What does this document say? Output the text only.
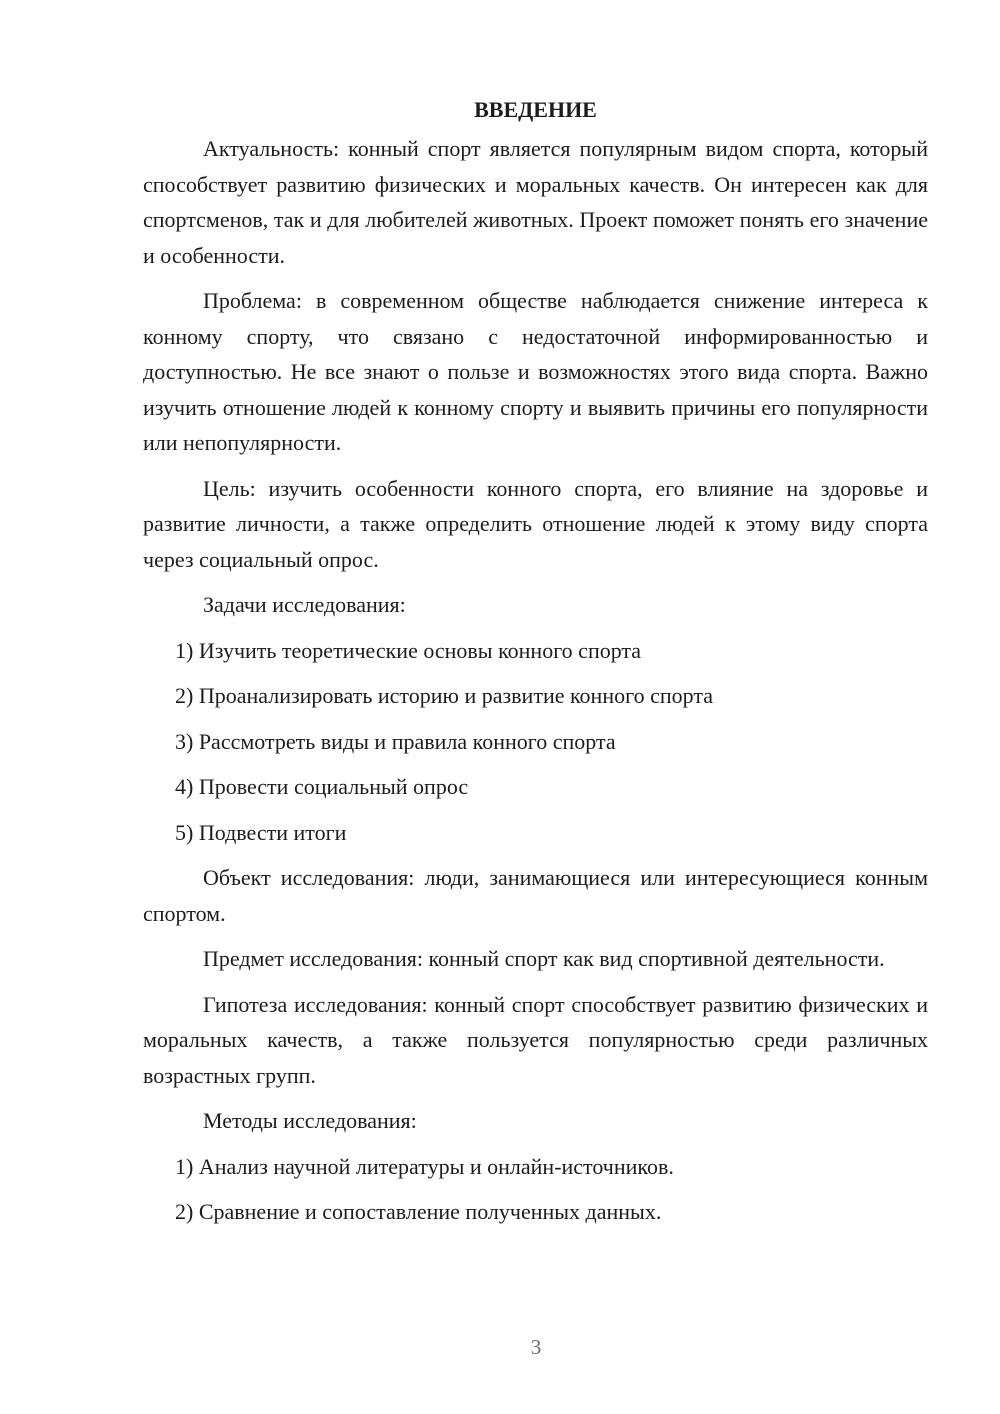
ВВЕДЕНИЕ

Актуальность: конный спорт является популярным видом спорта, который способствует развитию физических и моральных качеств. Он интересен как для спортсменов, так и для любителей животных. Проект поможет понять его значение и особенности.

Проблема: в современном обществе наблюдается снижение интереса к конному спорту, что связано с недостаточной информированностью и доступностью. Не все знают о пользе и возможностях этого вида спорта. Важно изучить отношение людей к конному спорту и выявить причины его популярности или непопулярности.

Цель: изучить особенности конного спорта, его влияние на здоровье и развитие личности, а также определить отношение людей к этому виду спорта через социальный опрос.

Задачи исследования:

1) Изучить теоретические основы конного спорта
2) Проанализировать историю и развитие конного спорта
3) Рассмотреть виды и правила конного спорта
4) Провести социальный опрос
5) Подвести итоги

Объект исследования: люди, занимающиеся или интересующиеся конным спортом.

Предмет исследования: конный спорт как вид спортивной деятельности.

Гипотеза исследования: конный спорт способствует развитию физических и моральных качеств, а также пользуется популярностью среди различных возрастных групп.

Методы исследования:

1) Анализ научной литературы и онлайн-источников.
2) Сравнение и сопоставление полученных данных.
3
